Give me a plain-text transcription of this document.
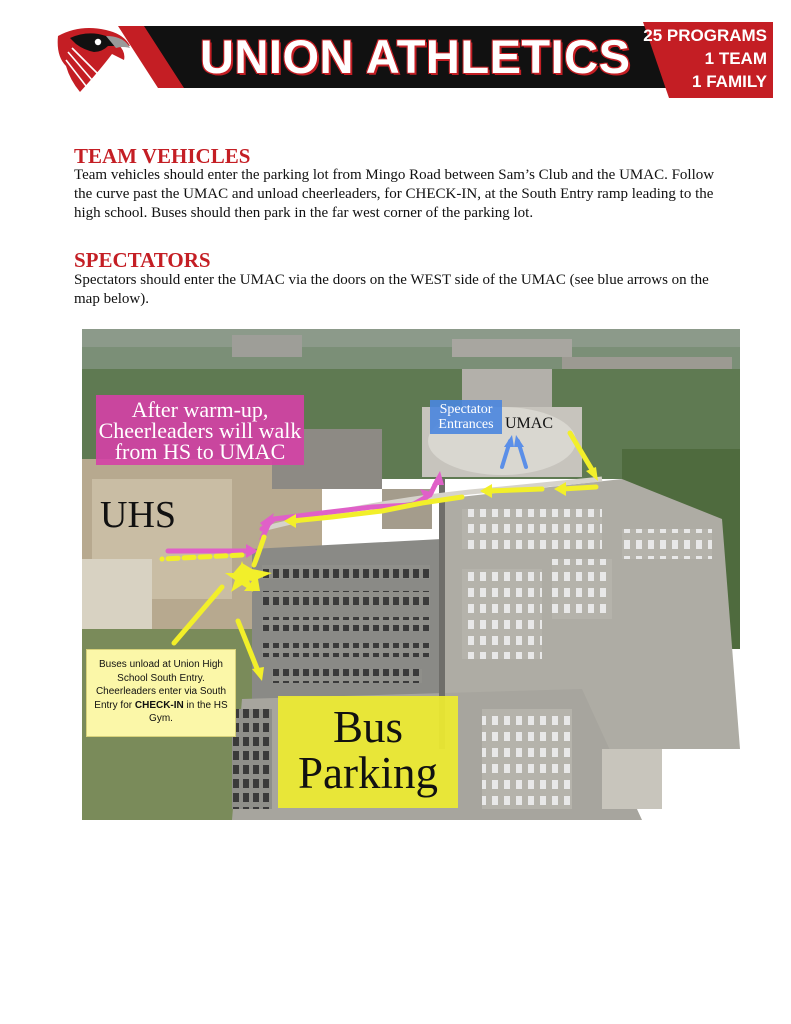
UNION ATHLETICS 25 PROGRAMS
1 TEAM
1 FAMILY
TEAM VEHICLES

Team vehicles should enter the parking lot from Mingo Road between Sam’s Club and the UMAC. Follow the curve past the UMAC and unload cheerleaders, for CHECK-IN, at the South Entry ramp leading to the high school. Buses should then park in the far west corner of the parking lot.

SPECTATORS

Spectators should enter the UMAC via the doors on the WEST side of the UMAC (see blue arrows on the map below).

After warm-up,
Cheerleaders will walk
from HS to UMAC
Spectator
Entrances UMAC
UHS
Buses unload at Union High School South Entry. Cheerleaders enter via South Entry for CHECK-IN in the HS Gym.	Bus
Parking
